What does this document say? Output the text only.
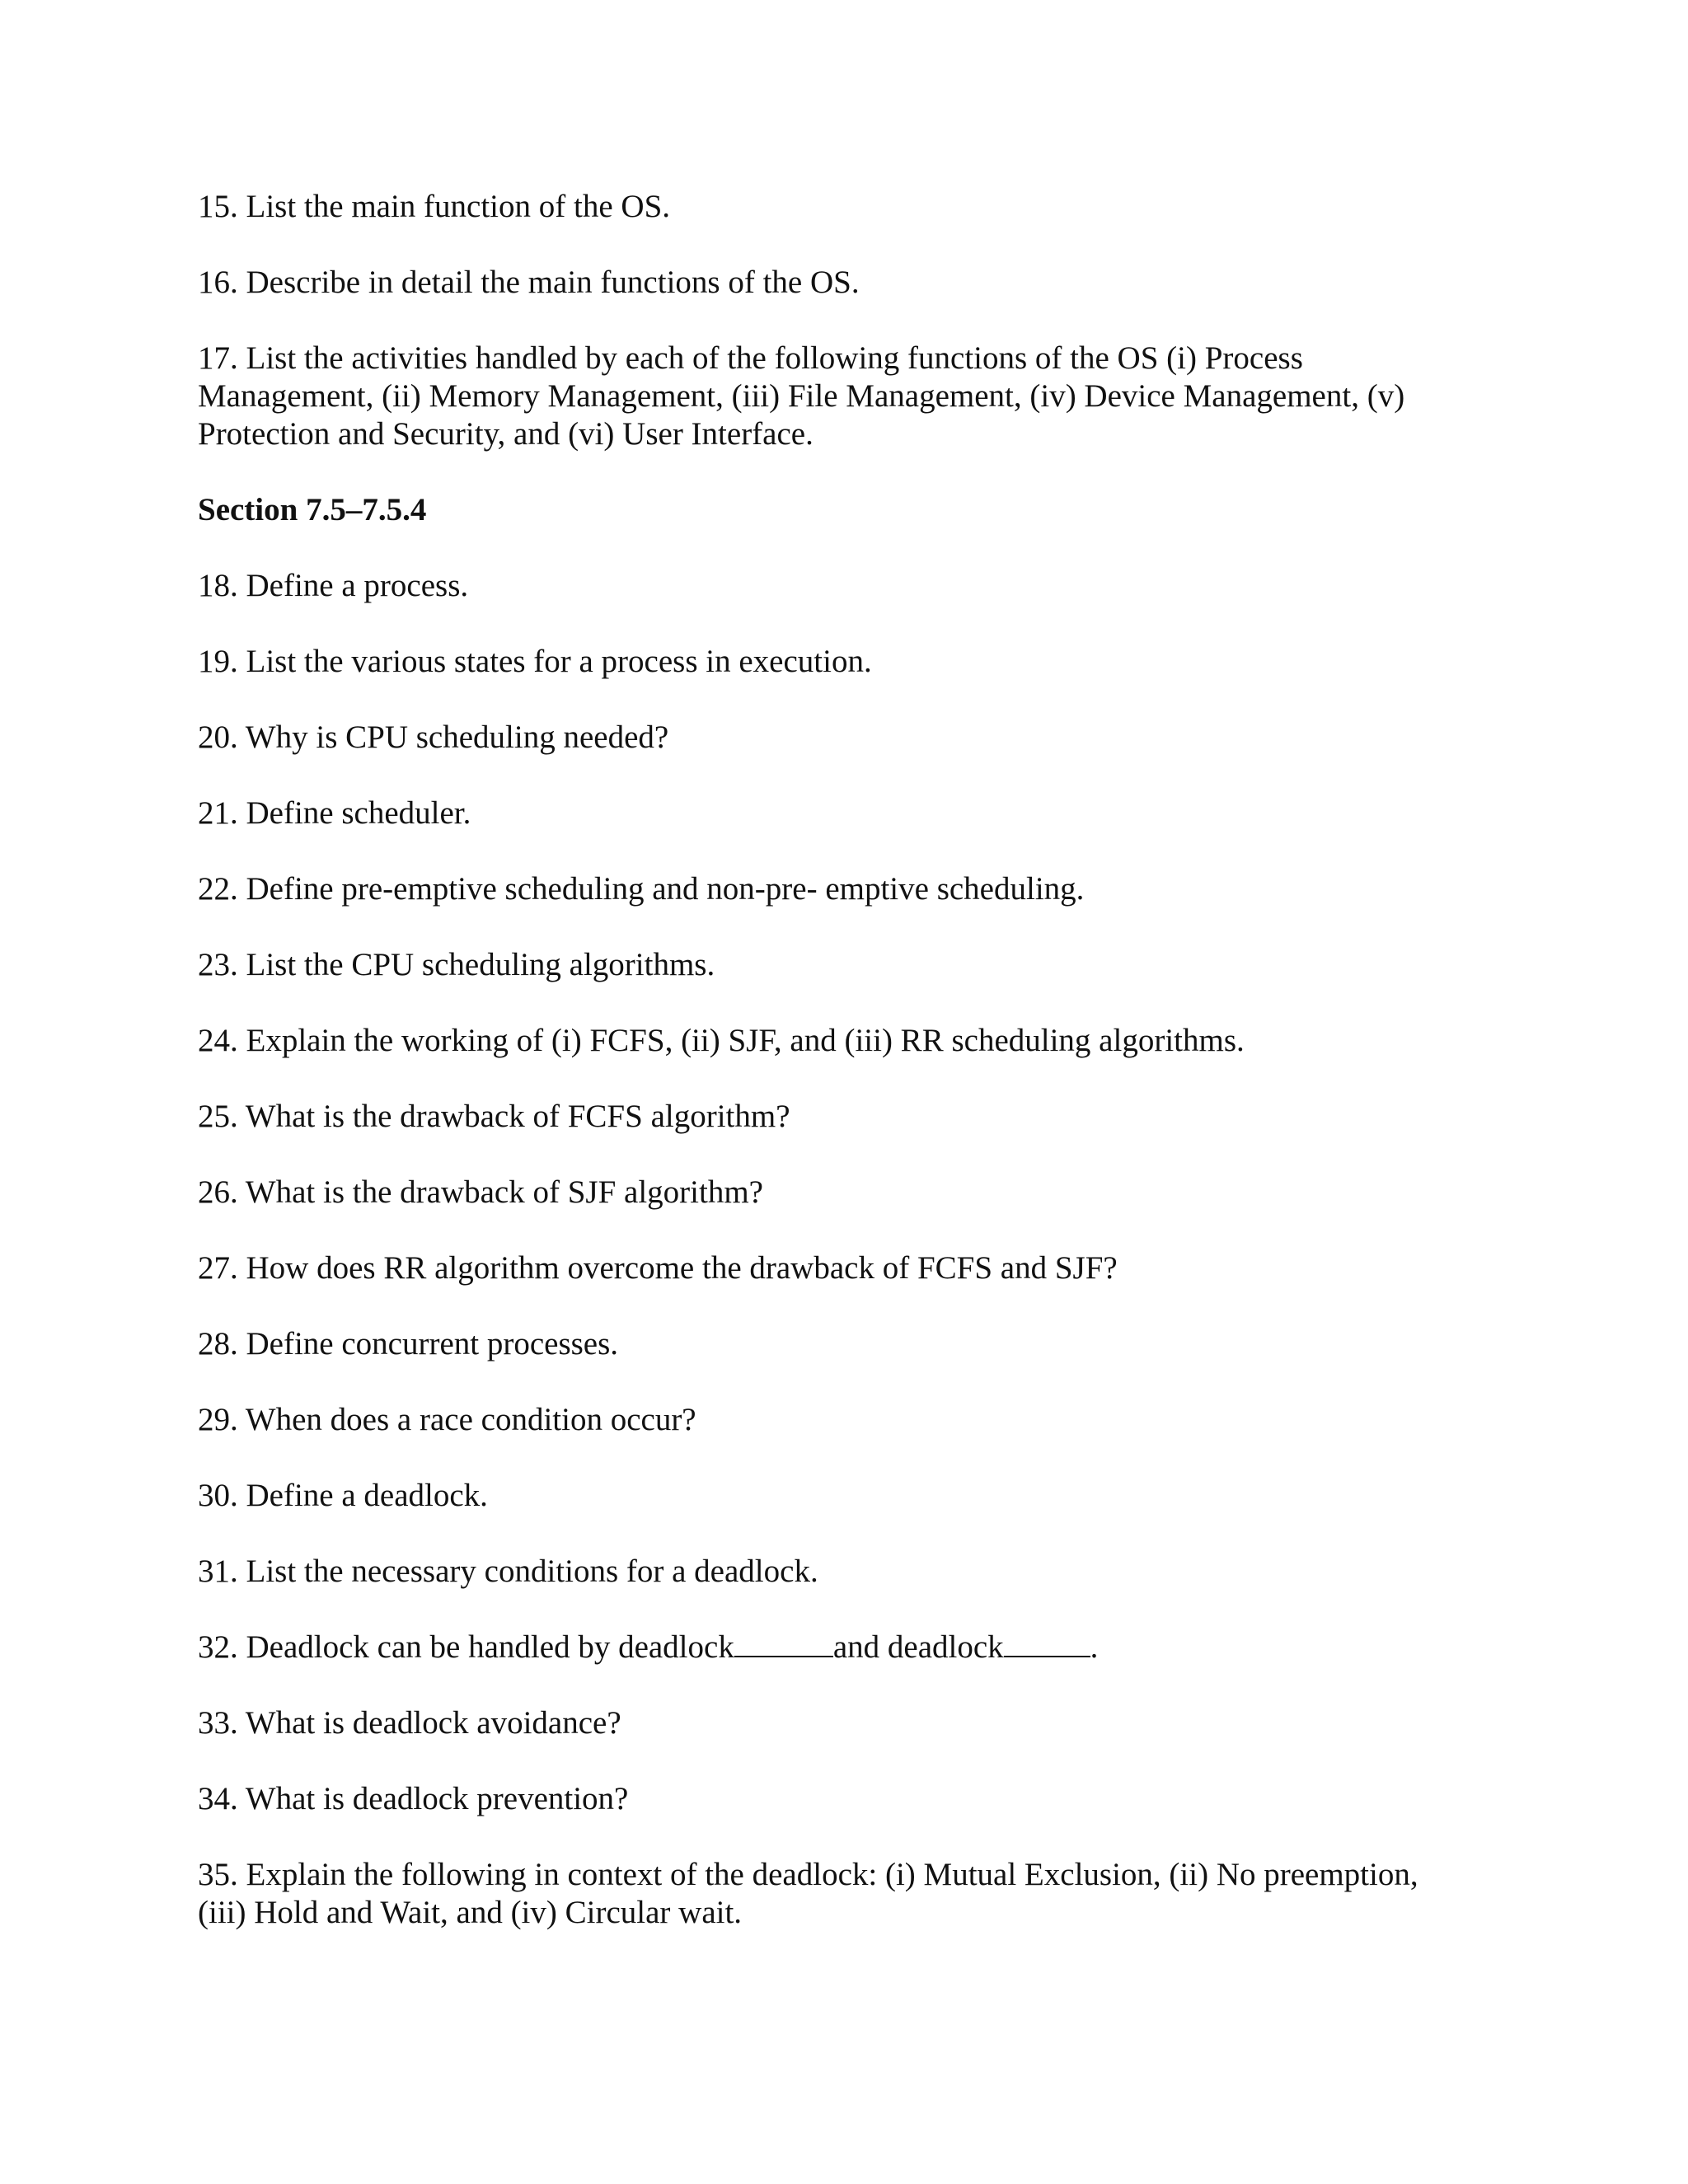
15. List the main function of the OS.
16. Describe in detail the main functions of the OS.
17. List the activities handled by each of the following functions of the OS (i) Process
Management, (ii) Memory Management, (iii) File Management, (iv) Device Management, (v)
Protection and Security, and (vi) User Interface.
Section 7.5–7.5.4
18. Define a process.
19. List the various states for a process in execution.
20. Why is CPU scheduling needed?
21. Define scheduler.
22. Define pre-emptive scheduling and non-pre- emptive scheduling.
23. List the CPU scheduling algorithms.
24. Explain the working of (i) FCFS, (ii) SJF, and (iii) RR scheduling algorithms.
25. What is the drawback of FCFS algorithm?
26. What is the drawback of SJF algorithm?
27. How does RR algorithm overcome the drawback of FCFS and SJF?
28. Define concurrent processes.
29. When does a race condition occur?
30. Define a deadlock.
31. List the necessary conditions for a deadlock.
32. Deadlock can be handled by deadlock	and deadlock	.
33. What is deadlock avoidance?
34. What is deadlock prevention?
35. Explain the following in context of the deadlock: (i) Mutual Exclusion, (ii) No preemption,
(iii) Hold and Wait, and (iv) Circular wait.
